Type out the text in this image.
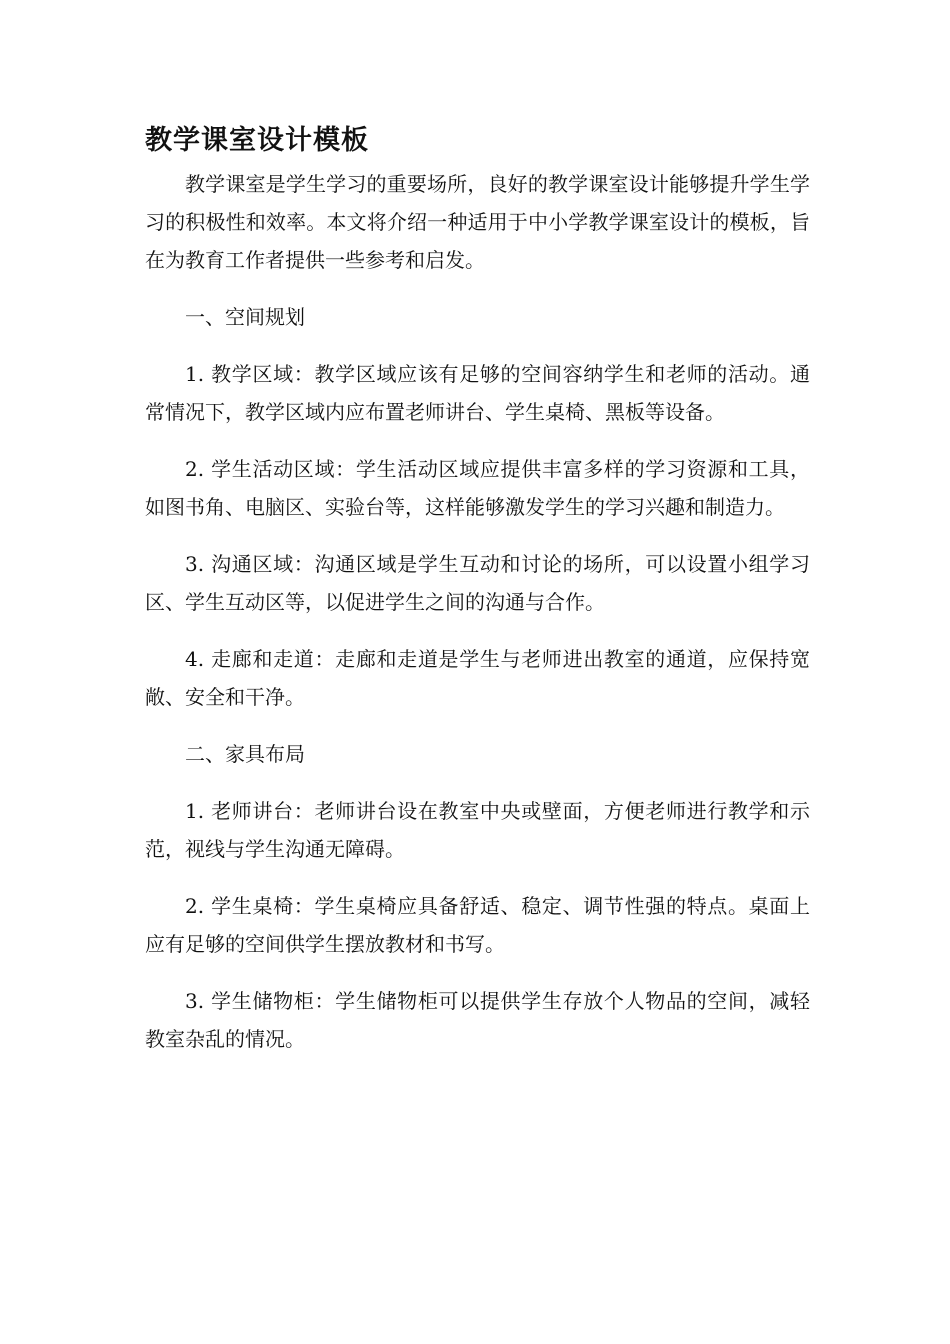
教学课室设计模板

教学课室是学生学习的重要场所，良好的教学课室设计能够提升学生学习的积极性和效率。本文将介绍一种适用于中小学教学课室设计的模板，旨在为教育工作者提供一些参考和启发。

一、空间规划

1. 教学区域：教学区域应该有足够的空间容纳学生和老师的活动。通常情况下，教学区域内应布置老师讲台、学生桌椅、黑板等设备。

2. 学生活动区域：学生活动区域应提供丰富多样的学习资源和工具，如图书角、电脑区、实验台等，这样能够激发学生的学习兴趣和制造力。

3. 沟通区域：沟通区域是学生互动和讨论的场所，可以设置小组学习区、学生互动区等，以促进学生之间的沟通与合作。

4. 走廊和走道：走廊和走道是学生与老师进出教室的通道，应保持宽敞、安全和干净。

二、家具布局

1. 老师讲台：老师讲台设在教室中央或壁面，方便老师进行教学和示范，视线与学生沟通无障碍。

2. 学生桌椅：学生桌椅应具备舒适、稳定、调节性强的特点。桌面上应有足够的空间供学生摆放教材和书写。

3. 学生储物柜：学生储物柜可以提供学生存放个人物品的空间，减轻教室杂乱的情况。
